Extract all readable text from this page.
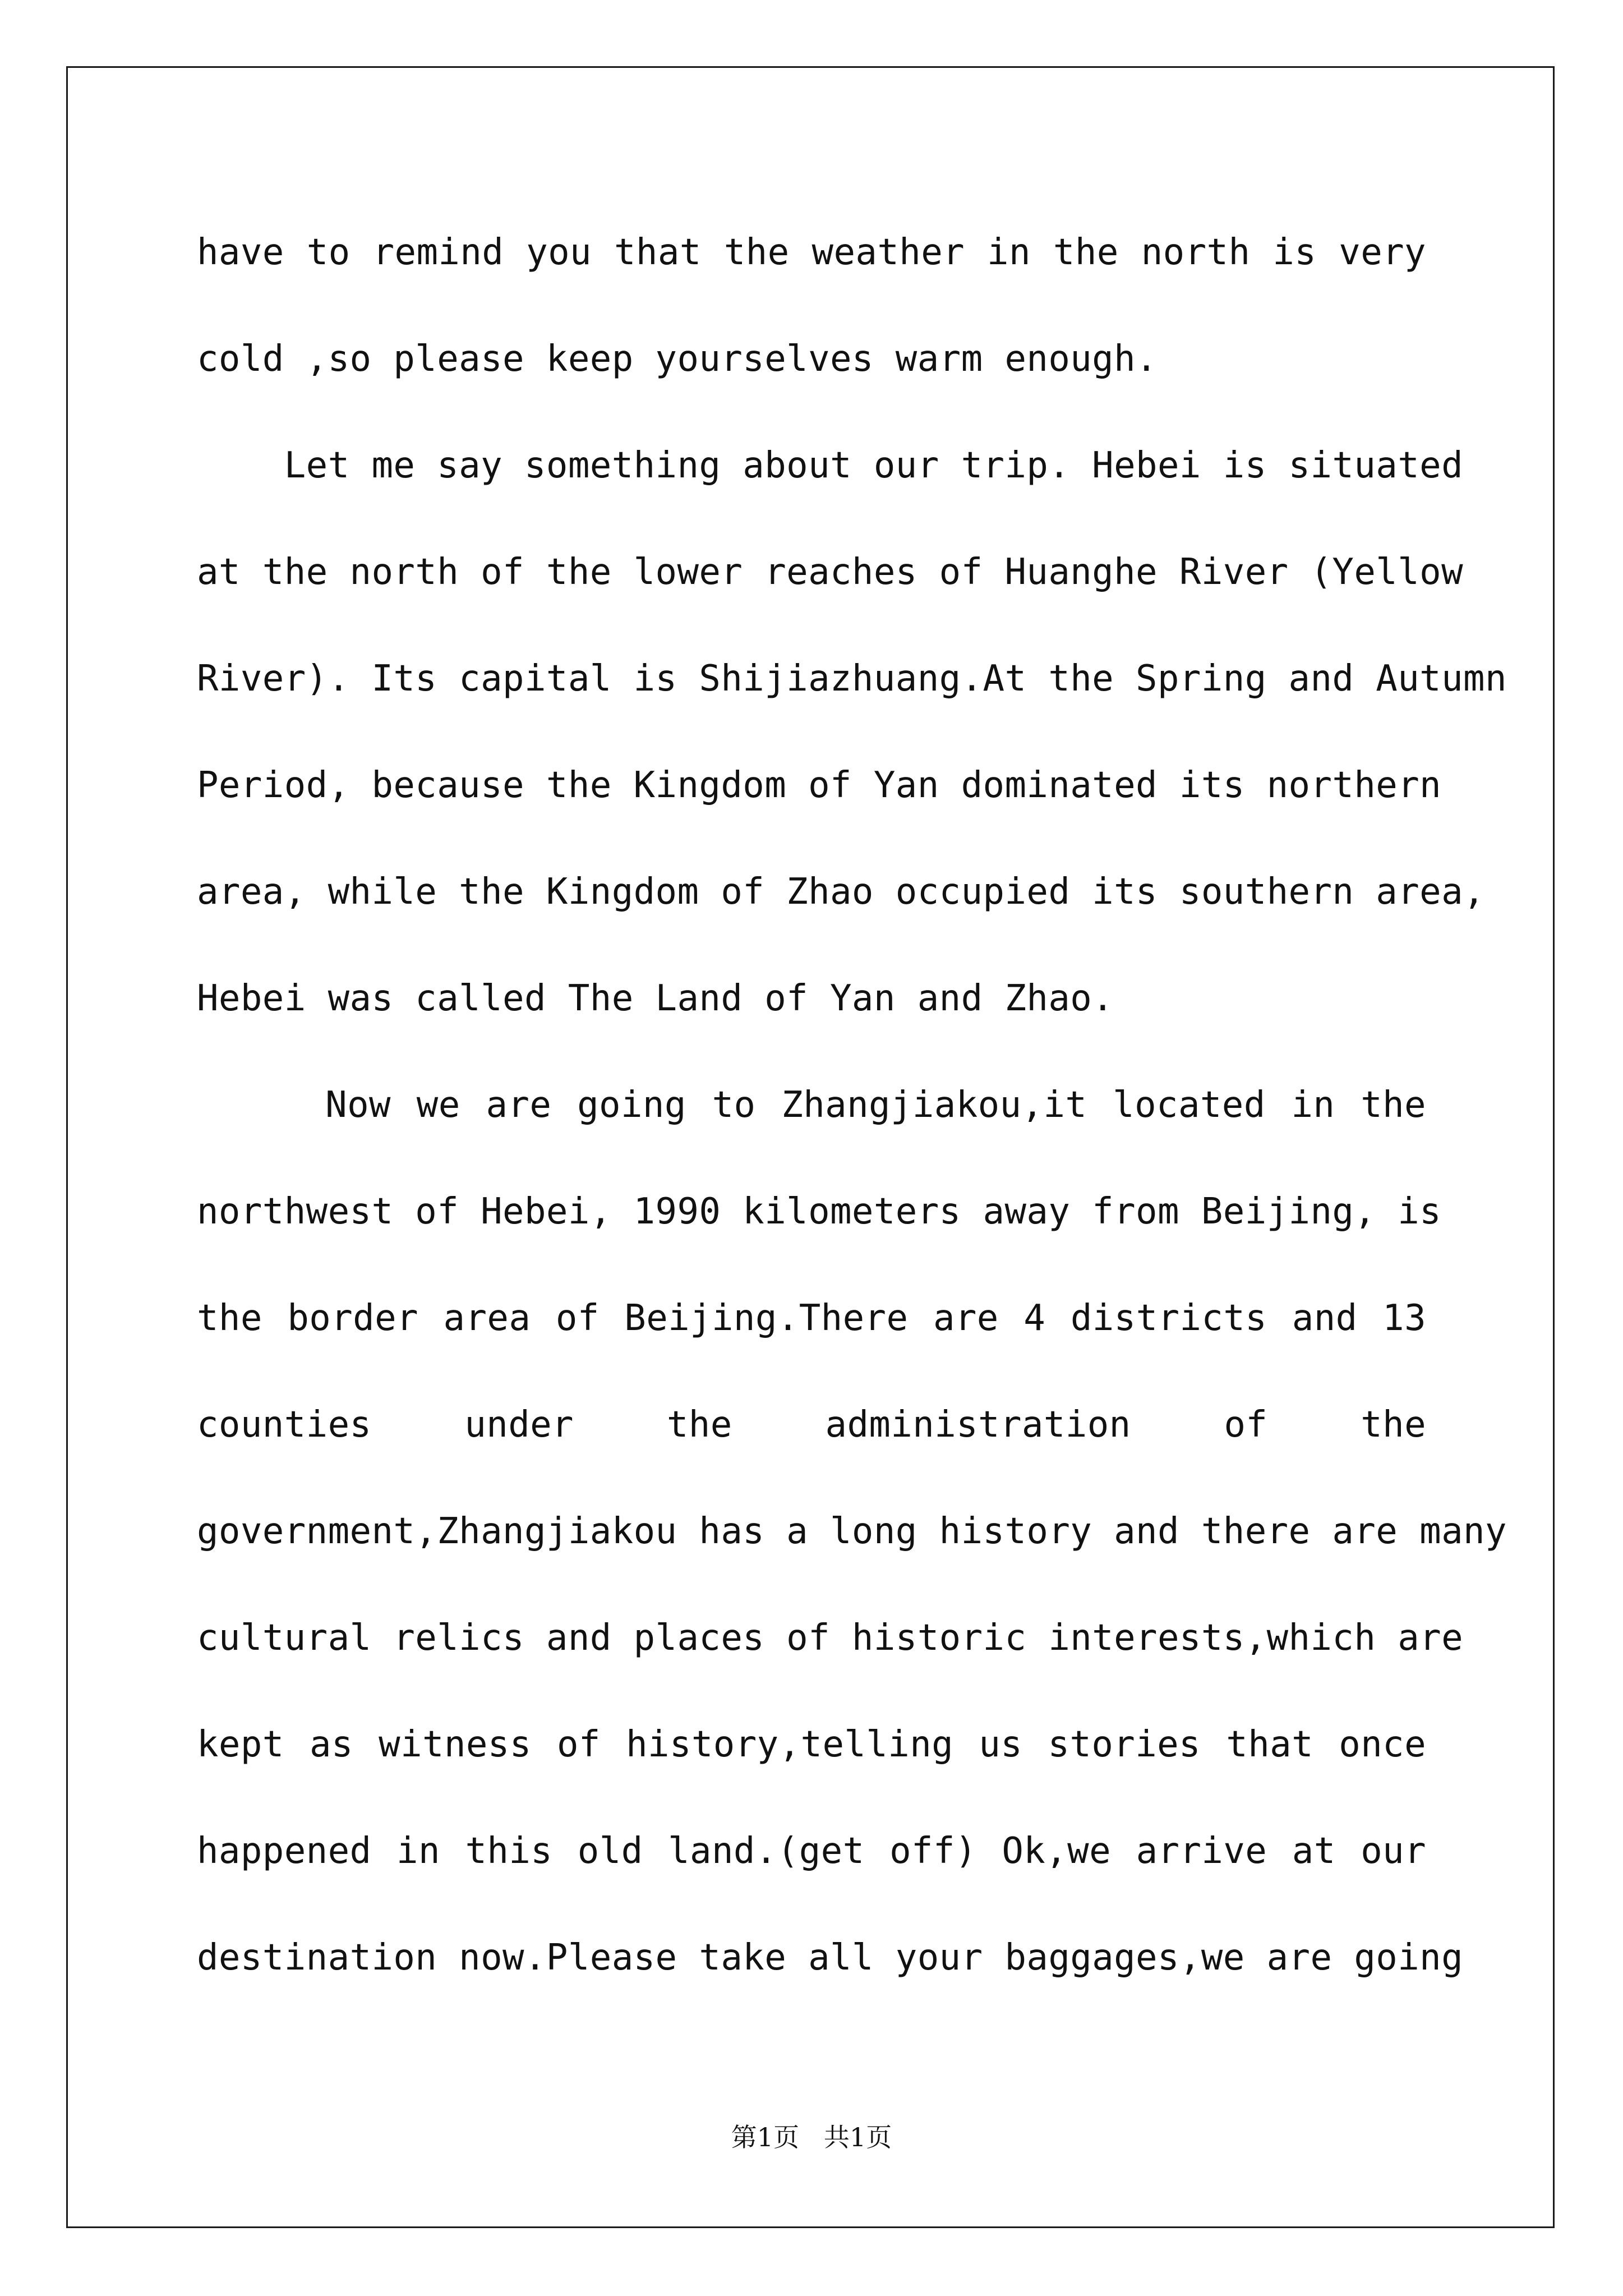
have to remind you that the weather in the north is very
cold ,so please keep yourselves warm enough.
Let me say something about our trip. Hebei is situated
at the north of the lower reaches of Huanghe River (Yellow
River). Its capital is Shijiazhuang.At the Spring and Autumn
Period, because the Kingdom of Yan dominated its northern
area, while the Kingdom of Zhao occupied its southern area,
Hebei was called The Land of Yan and Zhao.
Now we are going to Zhangjiakou,it located in the
northwest of Hebei, 1990 kilometers away from Beijing, is
the border area of Beijing.There are 4 districts and 13
counties under the administration of the
government,Zhangjiakou has a long history and there are many
cultural relics and places of historic interests,which are
kept as witness of history,telling us stories that once
happened in this old land.(get off) Ok,we arrive at our
destination now.Please take all your baggages,we are going
第1页   共1页
